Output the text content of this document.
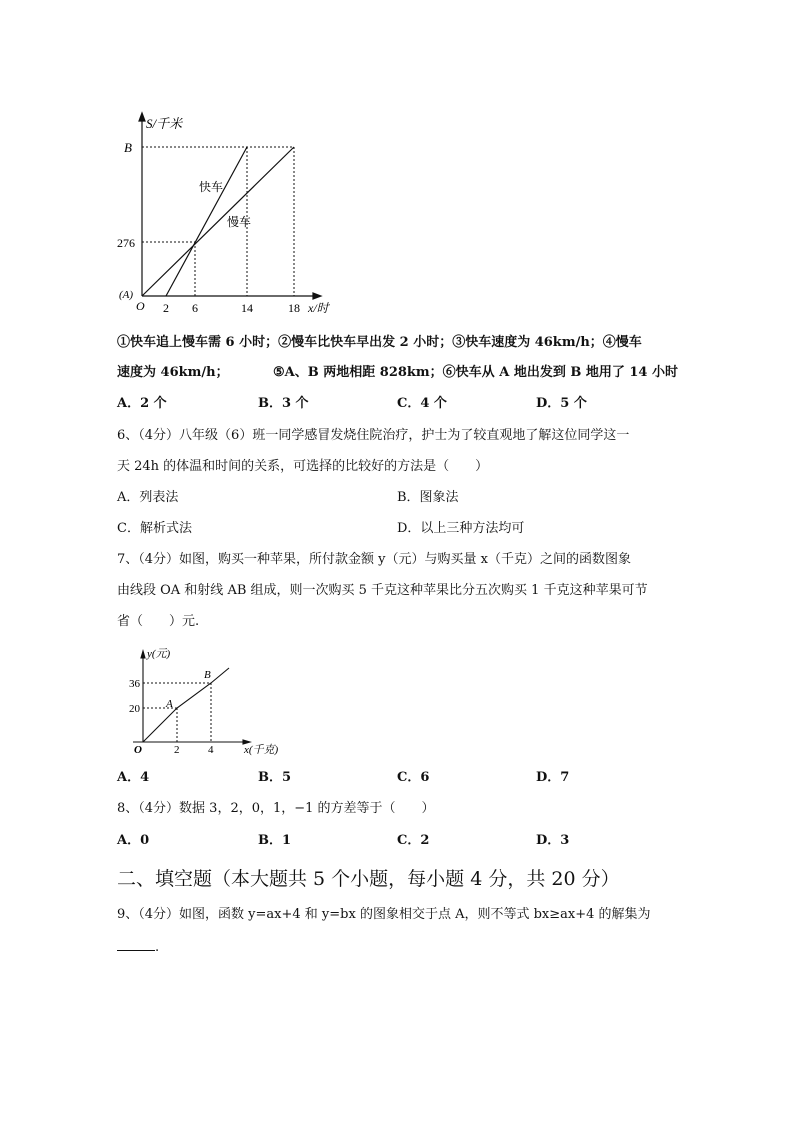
S/千米
B
276
(A)
O 2 6	14	18 x/时
快车
慢车
①快车追上慢车需 6 小时；②慢车比快车早出发 2 小时；③快车速度为 46km/h；④慢车
速度为 46km/h；	⑤A、B 两地相距 828km；⑥快车从 A 地出发到 B 地用了 14 小时
A．2 个	B．3 个	C．4 个	D．5 个
6、（4分）八年级（6）班一同学感冒发烧住院治疗，护士为了较直观地了解这位同学这一
天 24h 的体温和时间的关系，可选择的比较好的方法是（　　）
A．列表法	B．图象法
C．解析式法	D．以上三种方法均可
7、（4分）如图，购买一种苹果，所付款金额 y（元）与购买量 x（千克）之间的函数图象
由线段 OA 和射线 AB 组成，则一次购买 5 千克这种苹果比分五次购买 1 千克这种苹果可节
省（　　）元.
y(元)
36
20
O	2	4	x(千克)
A
B
A．4	B．5	C．6	D．7
8、（4分）数据 3，2，0，1，−1 的方差等于（　　）
A．0	B．1	C．2	D．3
二、填空题（本大题共 5 个小题，每小题 4 分，共 20 分）
9、（4分）如图，函数 y=ax+4 和 y=bx 的图象相交于点 A，则不等式 bx≥ax+4 的解集为
.
